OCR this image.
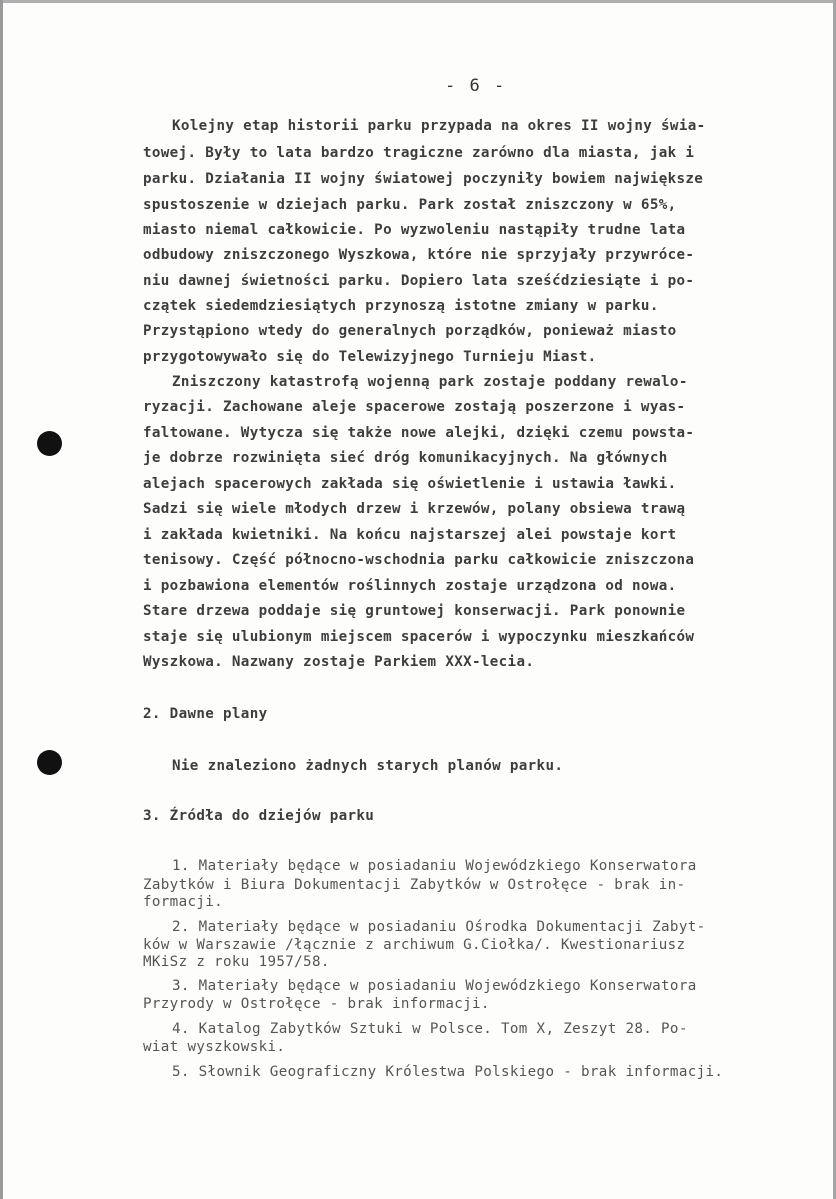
- 6 -
Kolejny etap historii parku przypada na okres II wojny świa-
towej. Były to lata bardzo tragiczne zarówno dla miasta, jak i
parku. Działania II wojny światowej poczyniły bowiem największe
spustoszenie w dziejach parku. Park został zniszczony w 65%,
miasto niemal całkowicie. Po wyzwoleniu nastąpiły trudne lata
odbudowy zniszczonego Wyszkowa, które nie sprzyjały przywróce-
niu dawnej świetności parku. Dopiero lata sześćdziesiąte i po-
czątek siedemdziesiątych przynoszą istotne zmiany w parku.
Przystąpiono wtedy do generalnych porządków, ponieważ miasto
przygotowywało się do Telewizyjnego Turnieju Miast.
Zniszczony katastrofą wojenną park zostaje poddany rewalo-
ryzacji. Zachowane aleje spacerowe zostają poszerzone i wyas-
faltowane. Wytycza się także nowe alejki, dzięki czemu powsta-
je dobrze rozwinięta sieć dróg komunikacyjnych. Na głównych
alejach spacerowych zakłada się oświetlenie i ustawia ławki.
Sadzi się wiele młodych drzew i krzewów, polany obsiewa trawą
i zakłada kwietniki. Na końcu najstarszej alei powstaje kort
tenisowy. Część północno-wschodnia parku całkowicie zniszczona
i pozbawiona elementów roślinnych zostaje urządzona od nowa.
Stare drzewa poddaje się gruntowej konserwacji. Park ponownie
staje się ulubionym miejscem spacerów i wypoczynku mieszkańców
Wyszkowa. Nazwany zostaje Parkiem XXX-lecia.
2. Dawne plany
Nie znaleziono żadnych starych planów parku.
3. Źródła do dziejów parku
1. Materiały będące w posiadaniu Wojewódzkiego Konserwatora
Zabytków i Biura Dokumentacji Zabytków w Ostrołęce - brak in-
formacji.
2. Materiały będące w posiadaniu Ośrodka Dokumentacji Zabyt-
ków w Warszawie /łącznie z archiwum G.Ciołka/. Kwestionariusz
MKiSz z roku 1957/58.
3. Materiały będące w posiadaniu Wojewódzkiego Konserwatora
Przyrody w Ostrołęce - brak informacji.
4. Katalog Zabytków Sztuki w Polsce. Tom X, Zeszyt 28. Po-
wiat wyszkowski.
5. Słownik Geograficzny Królestwa Polskiego - brak informacji.
